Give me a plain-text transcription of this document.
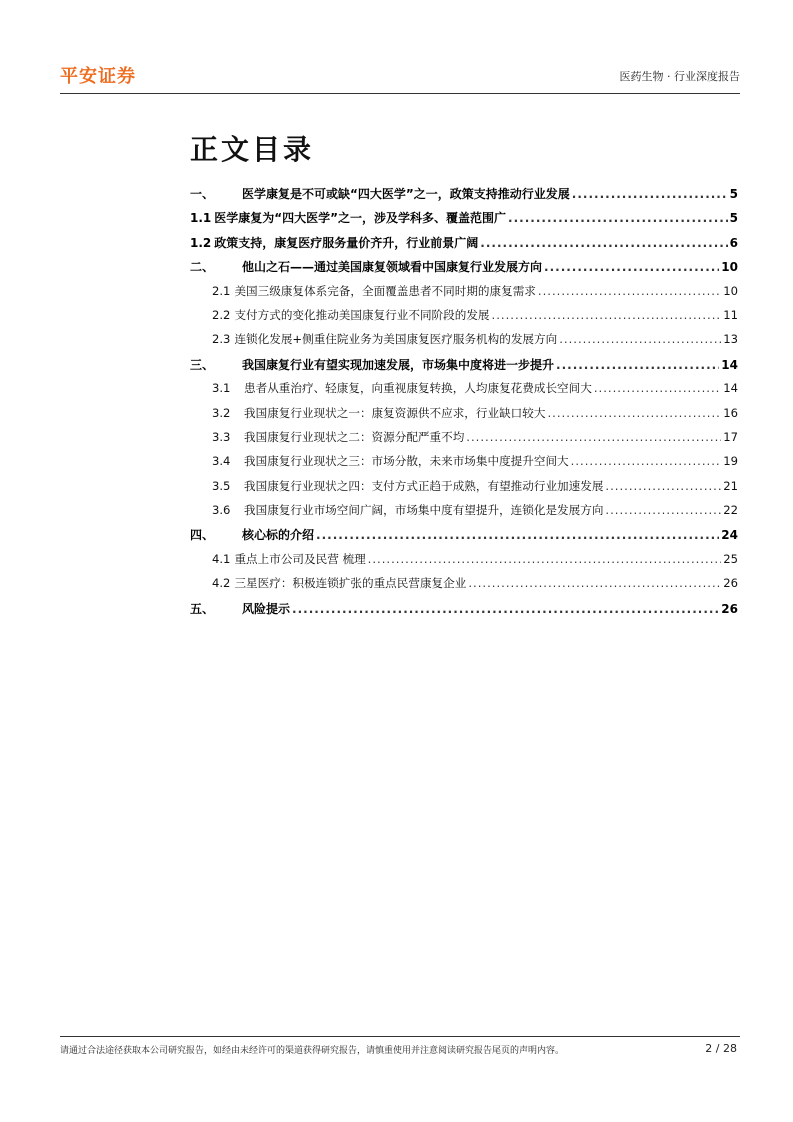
平安证券	医药生物 · 行业深度报告
正文目录
一、	医学康复是不可或缺“四大医学”之一，政策支持推动行业发展 .....	5
1.1 医学康复为“四大医学”之一，涉及学科多、覆盖范围广 .....	5
1.2 政策支持，康复医疗服务量价齐升，行业前景广阔 .....	6
二、	他山之石——通过美国康复领域看中国康复行业发展方向 .....	10
2.1 美国三级康复体系完备，全面覆盖患者不同时期的康复需求 .....	10
2.2 支付方式的变化推动美国康复行业不同阶段的发展 .....	11
2.3 连锁化发展+侧重住院业务为美国康复医疗服务机构的发展方向 .....	13
三、	我国康复行业有望实现加速发展，市场集中度将进一步提升 .....	14
3.1	患者从重治疗、轻康复，向重视康复转换，人均康复花费成长空间大 .....	14
3.2	我国康复行业现状之一：康复资源供不应求，行业缺口较大 .....	16
3.3	我国康复行业现状之二：资源分配严重不均 .....	17
3.4	我国康复行业现状之三：市场分散，未来市场集中度提升空间大 .....	19
3.5	我国康复行业现状之四：支付方式正趋于成熟，有望推动行业加速发展 .....	21
3.6	我国康复行业市场空间广阔，市场集中度有望提升，连锁化是发展方向 .....	22
四、	核心标的介绍 .....	24
4.1 重点上市公司及民营 梳理 .....	25
4.2 三星医疗：积极连锁扩张的重点民营康复企业 .....	26
五、	风险提示 .....	26
请通过合法途径获取本公司研究报告，如经由未经许可的渠道获得研究报告，请慎重使用并注意阅读研究报告尾页的声明内容。	2 / 28
